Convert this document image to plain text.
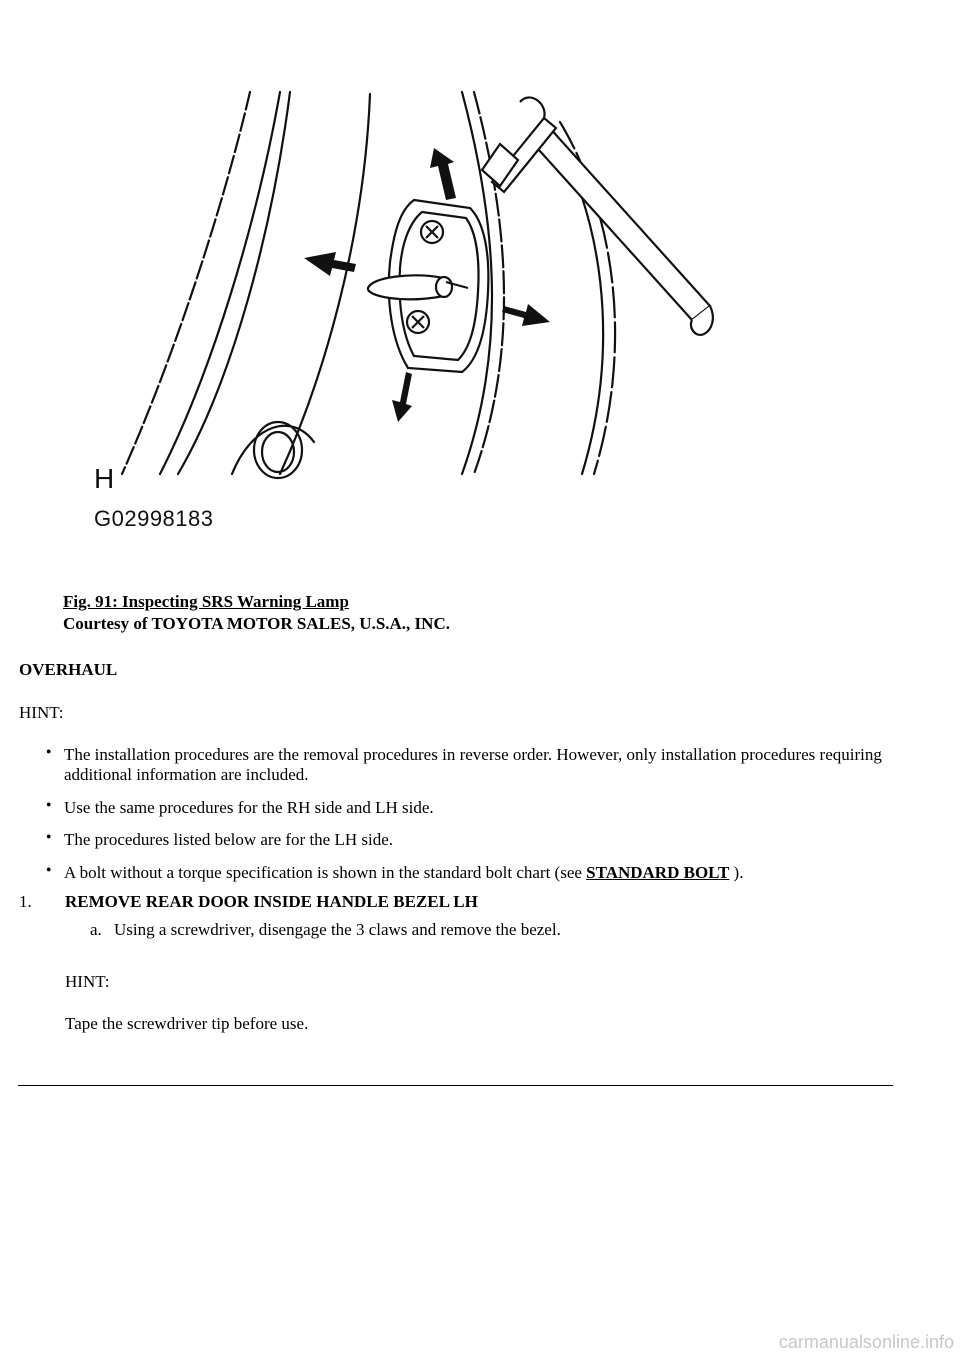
H
G02998183
Fig. 91: Inspecting SRS Warning Lamp
Courtesy of TOYOTA MOTOR SALES, U.S.A., INC.
OVERHAUL
HINT:
● The installation procedures are the removal procedures in reverse order. However, only installation procedures requiring additional information are included.
● Use the same procedures for the RH side and LH side.
● The procedures listed below are for the LH side.
● A bolt without a torque specification is shown in the standard bolt chart (see STANDARD BOLT ).
1. REMOVE REAR DOOR INSIDE HANDLE BEZEL LH
a. Using a screwdriver, disengage the 3 claws and remove the bezel.
HINT:
Tape the screwdriver tip before use.
carmanualsonline.info
